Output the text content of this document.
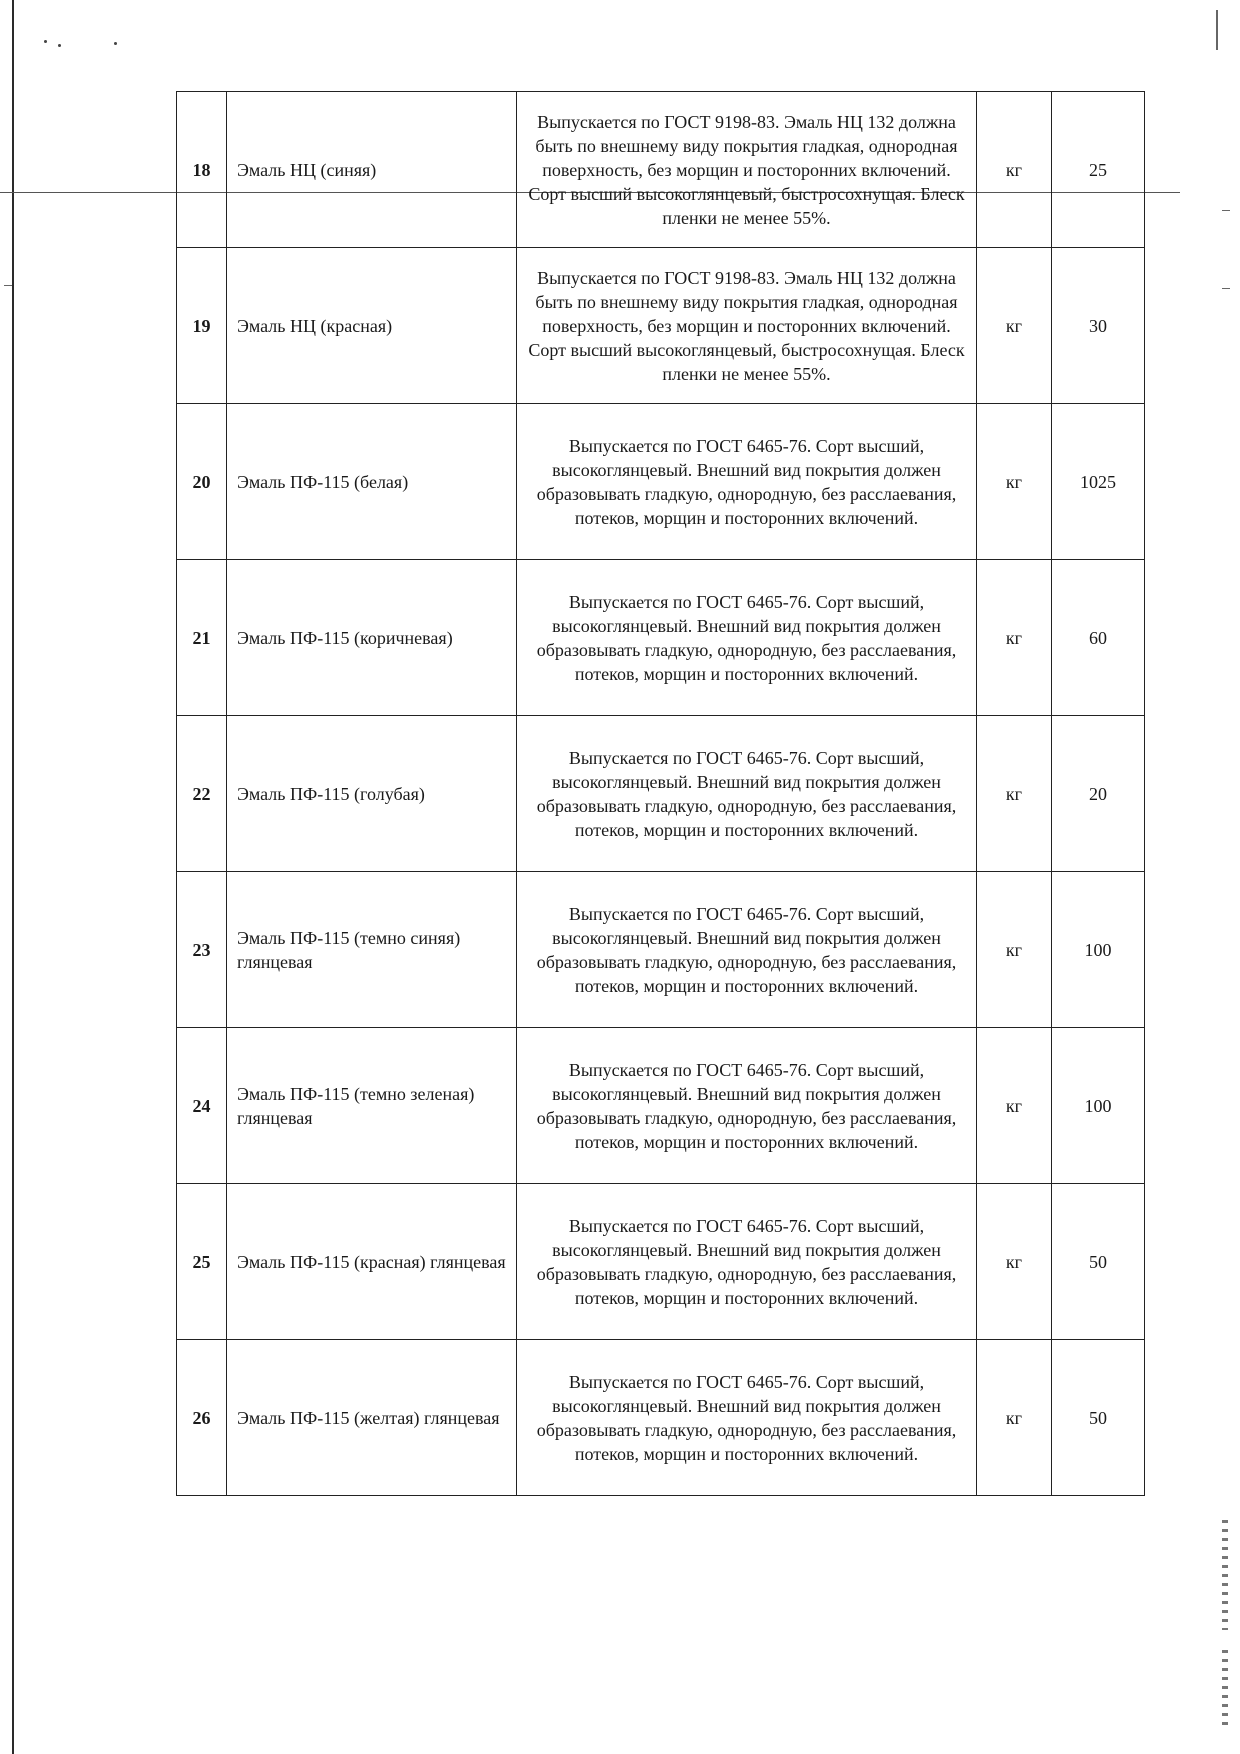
18	Эмаль НЦ (синяя)	Выпускается по ГОСТ 9198-83. Эмаль НЦ 132 должна быть по внешнему виду покрытия гладкая, однородная поверхность, без морщин и посторонних включений. Сорт высший высокоглянцевый, быстросохнущая. Блеск пленки не менее 55%.	кг	25
19	Эмаль НЦ (красная)	Выпускается по ГОСТ 9198-83. Эмаль НЦ 132 должна быть по внешнему виду покрытия гладкая, однородная поверхность, без морщин и посторонних включений. Сорт высший высокоглянцевый, быстросохнущая. Блеск пленки не менее 55%.	кг	30
20	Эмаль ПФ-115 (белая)	Выпускается по ГОСТ 6465-76. Сорт высший, высокоглянцевый. Внешний вид покрытия должен образовывать гладкую, однородную, без расслаевания, потеков, морщин и посторонних включений.	кг	1025
21	Эмаль ПФ-115 (коричневая)	Выпускается по ГОСТ 6465-76. Сорт высший, высокоглянцевый. Внешний вид покрытия должен образовывать гладкую, однородную, без расслаевания, потеков, морщин и посторонних включений.	кг	60
22	Эмаль ПФ-115 (голубая)	Выпускается по ГОСТ 6465-76. Сорт высший, высокоглянцевый. Внешний вид покрытия должен образовывать гладкую, однородную, без расслаевания, потеков, морщин и посторонних включений.	кг	20
23	Эмаль ПФ-115 (темно синяя) глянцевая	Выпускается по ГОСТ 6465-76. Сорт высший, высокоглянцевый. Внешний вид покрытия должен образовывать гладкую, однородную, без расслаевания, потеков, морщин и посторонних включений.	кг	100
24	Эмаль ПФ-115 (темно зеленая) глянцевая	Выпускается по ГОСТ 6465-76. Сорт высший, высокоглянцевый. Внешний вид покрытия должен образовывать гладкую, однородную, без расслаевания, потеков, морщин и посторонних включений.	кг	100
25	Эмаль ПФ-115 (красная) глянцевая	Выпускается по ГОСТ 6465-76. Сорт высший, высокоглянцевый. Внешний вид покрытия должен образовывать гладкую, однородную, без расслаевания, потеков, морщин и посторонних включений.	кг	50
26	Эмаль ПФ-115 (желтая) глянцевая	Выпускается по ГОСТ 6465-76. Сорт высший, высокоглянцевый. Внешний вид покрытия должен образовывать гладкую, однородную, без расслаевания, потеков, морщин и посторонних включений.	кг	50
